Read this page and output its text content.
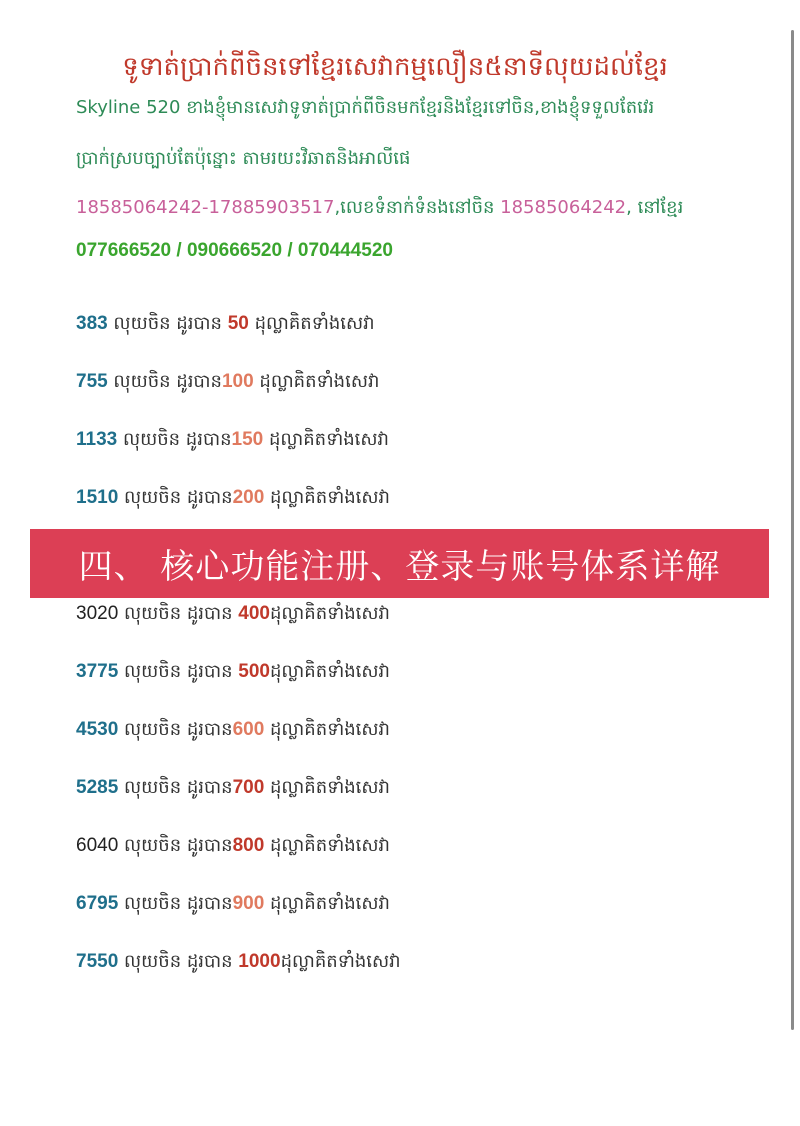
ទូទាត់ប្រាក់ពីចិនទៅខ្មែរសេវាកម្មលឿន៥នាទីលុយដល់ខ្មែរ
Skyline 520 ខាងខ្ញុំមានសេវាទូទាត់ប្រាក់ពីចិនមកខ្មែរនិងខ្មែរទៅចិន,ខាងខ្ញុំទទួលតែវេរ
ប្រាក់ស្របច្បាប់តែប៉ុន្នោះ តាមរយះវិឆាតនិងអាលីផេ
18585064242-17885903517,លេខទំនាក់ទំនងនៅចិន 18585064242, នៅខ្មែរ
077666520 / 090666520 / 070444520
383 លុយចិន ដូរបាន 50 ដុល្លាគិតទាំងសេវា
755 លុយចិន ដូរបាន100 ដុល្លាគិតទាំងសេវា
1133 លុយចិន ដូរបាន150 ដុល្លាគិតទាំងសេវា
1510 លុយចិន ដូរបាន200 ដុល្លាគិតទាំងសេវា
四、 核心功能注册、登录与账号体系详解
3020 លុយចិន ដូរបាន 400ដុល្លាគិតទាំងសេវា
3775 លុយចិន ដូរបាន 500ដុល្លាគិតទាំងសេវា
4530 លុយចិន ដូរបាន600 ដុល្លាគិតទាំងសេវា
5285 លុយចិន ដូរបាន700 ដុល្លាគិតទាំងសេវា
6040 លុយចិន ដូរបាន800 ដុល្លាគិតទាំងសេវា
6795 លុយចិន ដូរបាន900 ដុល្លាគិតទាំងសេវា
7550 លុយចិន ដូរបាន 1000ដុល្លាគិតទាំងសេវា
